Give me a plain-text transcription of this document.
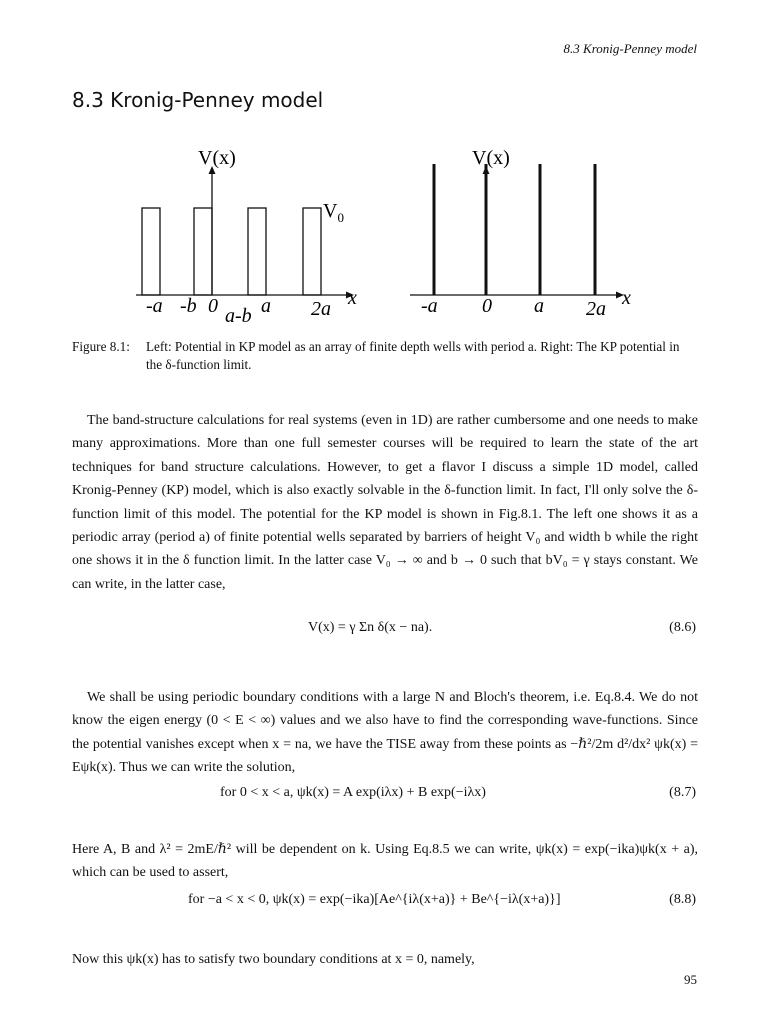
8.3 Kronig-Penney model
8.3 Kronig-Penney model
V(x)
$V_0$
x
-a -b 0 a-b a 2a
V(x)
x
-a 0 a 2a
Figure 8.1:	Left: Potential in KP model as an array of finite depth wells with period a. Right: The KP potential in the δ-function limit.

The band-structure calculations for real systems (even in 1D) are rather cumbersome and one needs to make many approximations. More than one full semester courses will be required to learn the state of the art techniques for band structure calculations. However, to get a flavor I discuss a simple 1D model, called Kronig-Penney (KP) model, which is also exactly solvable in the δ-function limit. In fact, I'll only solve the δ-function limit of this model. The potential for the KP model is shown in Fig.8.1. The left one shows it as a periodic array (period a) of finite potential wells separated by barriers of height V₀ and width b while the right one shows it in the δ function limit. In the latter case V₀ → ∞ and b → 0 such that bV₀ = γ stays constant. We can write, in the latter case,

V(x) = γ Σn δ(x − na).	(8.6)

We shall be using periodic boundary conditions with a large N and Bloch's theorem, i.e. Eq.8.4. We do not know the eigen energy (0 < E < ∞) values and we also have to find the corresponding wave-functions. Since the potential vanishes except when x = na, we have the TISE away from these points as −ℏ²/2m d²/dx² ψk(x) = Eψk(x). Thus we can write the solution,

for 0 < x < a, ψk(x) = A exp(iλx) + B exp(−iλx)	(8.7)

Here A, B and λ² = 2mE/ℏ² will be dependent on k. Using Eq.8.5 we can write, ψk(x) = exp(−ika)ψk(x + a), which can be used to assert,

for −a < x < 0, ψk(x) = exp(−ika)[Ae^{iλ(x+a)} + Be^{−iλ(x+a)}]	(8.8)

Now this ψk(x) has to satisfy two boundary conditions at x = 0, namely,

95
